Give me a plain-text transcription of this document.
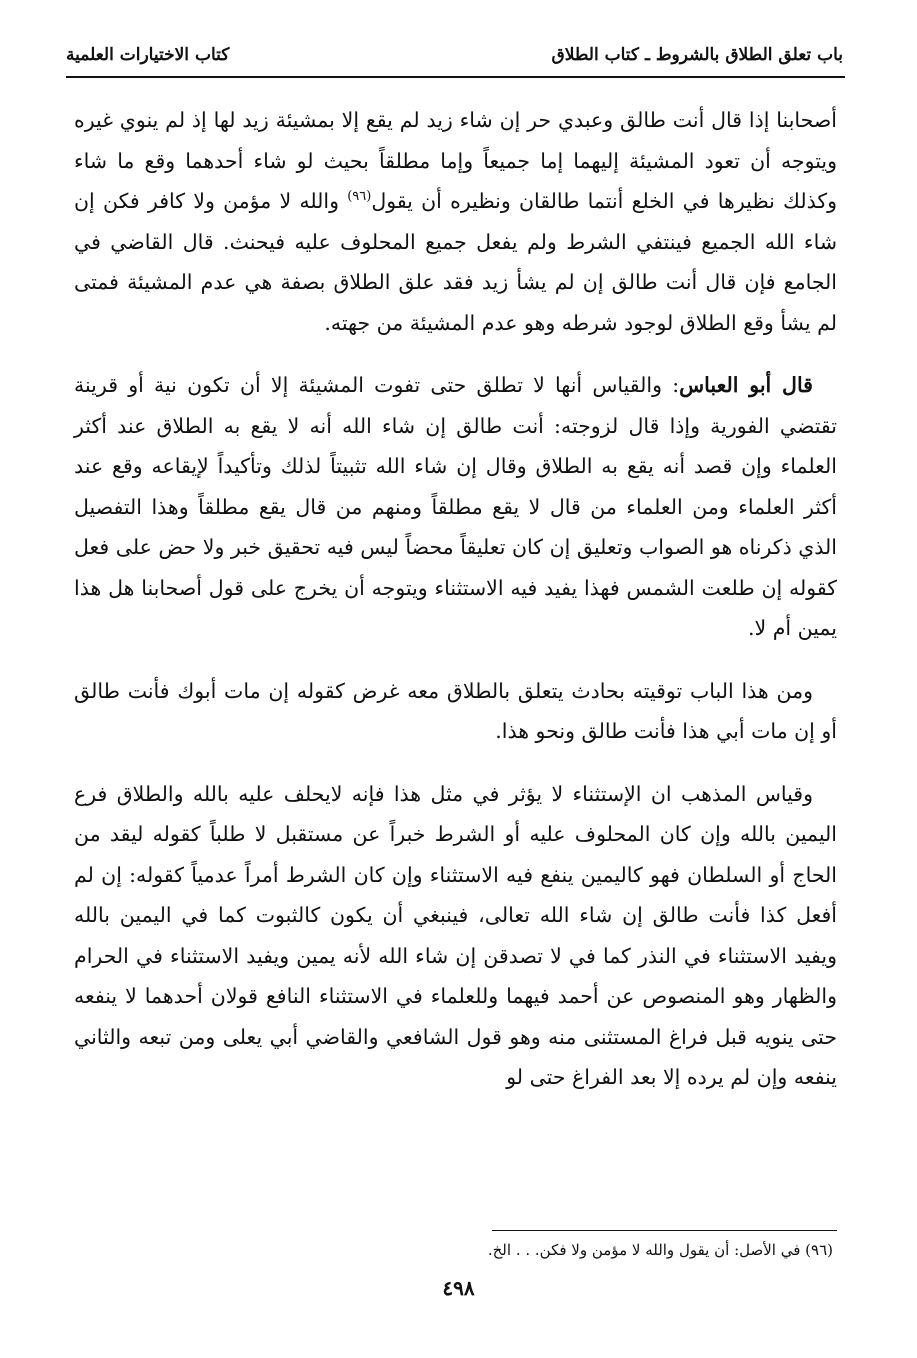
باب تعلق الطلاق بالشروط ـ كتاب الطلاق
كتاب الاختيارات العلمية

أصحابنا إذا قال أنت طالق وعبدي حر إن شاء زيد لم يقع إلا بمشيئة زيد لها إذ لم ينوي غيره ويتوجه أن تعود المشيئة إليهما إما جميعاً وإما مطلقاً بحيث لو شاء أحدهما وقع ما شاء وكذلك نظيرها في الخلع أنتما طالقان ونظيره أن يقول$^{(٩٦)}$ والله لا مؤمن ولا كافر فكن إن شاء الله الجميع فينتفي الشرط ولم يفعل جميع المحلوف عليه فيحنث. قال القاضي في الجامع فإن قال أنت طالق إن لم يشأ زيد فقد علق الطلاق بصفة هي عدم المشيئة فمتى لم يشأ وقع الطلاق لوجود شرطه وهو عدم المشيئة من جهته.

قال أبو العباس: والقياس أنها لا تطلق حتى تفوت المشيئة إلا أن تكون نية أو قرينة تقتضي الفورية وإذا قال لزوجته: أنت طالق إن شاء الله أنه لا يقع به الطلاق عند أكثر العلماء وإن قصد أنه يقع به الطلاق وقال إن شاء الله تثبيتاً لذلك وتأكيداً لإيقاعه وقع عند أكثر العلماء ومن العلماء من قال لا يقع مطلقاً ومنهم من قال يقع مطلقاً وهذا التفصيل الذي ذكرناه هو الصواب وتعليق إن كان تعليقاً محضاً ليس فيه تحقيق خبر ولا حض على فعل كقوله إن طلعت الشمس فهذا يفيد فيه الاستثناء ويتوجه أن يخرج على قول أصحابنا هل هذا يمين أم لا.

ومن هذا الباب توقيته بحادث يتعلق بالطلاق معه غرض كقوله إن مات أبوك فأنت طالق أو إن مات أبي هذا فأنت طالق ونحو هذا.

وقياس المذهب ان الإستثناء لا يؤثر في مثل هذا فإنه لايحلف عليه بالله والطلاق فرع اليمين بالله وإن كان المحلوف عليه أو الشرط خبراً عن مستقبل لا طلباً كقوله ليقد من الحاج أو السلطان فهو كاليمين ينفع فيه الاستثناء وإن كان الشرط أمراً عدمياً كقوله: إن لم أفعل كذا فأنت طالق إن شاء الله تعالى، فينبغي أن يكون كالثبوت كما في اليمين بالله ويفيد الاستثناء في النذر كما في لا تصدقن إن شاء الله لأنه يمين ويفيد الاستثناء في الحرام والظهار وهو المنصوص عن أحمد فيهما وللعلماء في الاستثناء النافع قولان أحدهما لا ينفعه حتى ينويه قبل فراغ المستثنى منه وهو قول الشافعي والقاضي أبي يعلى ومن تبعه والثاني ينفعه وإن لم يرده إلا بعد الفراغ حتى لو

(٩٦) في الأصل: أن يقول والله لا مؤمن ولا فكن. . . الخ.
٤٩٨
